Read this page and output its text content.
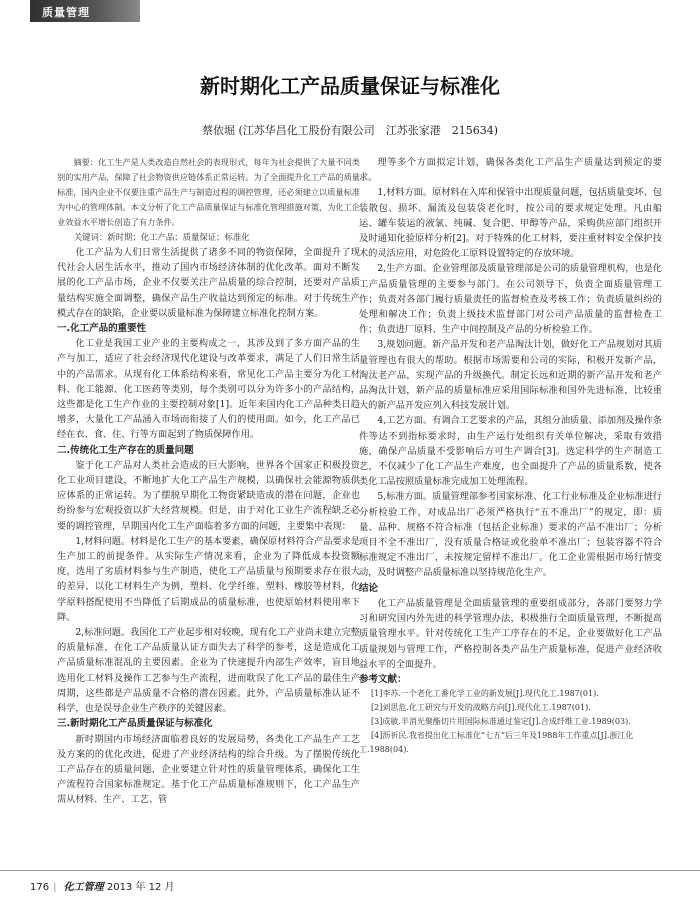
质量管理
新时期化工产品质量保证与标准化
蔡依堀 (江苏华昌化工股份有限公司　江苏张家港　215634)

摘要：化工生产是人类改造自然社会的表现形式，每年为社会提供了大量不同类别的实用产品，保障了社会物资供应链体系正常运转。为了全面提升化工产品的质量标准，国内企业不仅要注重产品生产与制造过程的调控管理，还必须建立以质量标准为中心的管理体制。本文分析了化工产品质量保证与标准化管理措施对策，为化工企业效益水平增长创造了有力条件。

关键词：新时期；化工产品；质量保证；标准化

化工产品为人们日常生活提供了诸多不同的物资保障，全面提升了现代社会人居生活水平，推动了国内市场经济体制的优化改革。面对不断发展的化工产品市场，企业不仅要关注产品质量的综合控制，还要对产品质量结构实施全面调整，确保产品生产收益达到预定的标准。对于传统生产模式存在的缺陷，企业要以质量标准为保障建立标准化控制方案。

一.化工产品的重要性

化工业是我国工业产业的主要构成之一，其涉及到了多方面产品的生产与加工，适应了社会经济现代化建设与改革要求，满足了人们日常生活中的产品需求。从现有化工体系结构来看，常见化工产品主要分为化工材料、化工能源、化工医药等类别，每个类别可以分为许多小的产品结构，这些都是化工生产作业的主要控制对象[1]。近年来国内化工产品种类日趋增多，大量化工产品涌入市场而衔接了人们的使用面。如今，化工产品已经在衣、食、住、行等方面起到了物质保障作用。

二.传统化工生产存在的质量问题

鉴于化工产品对人类社会造成的巨大影响，世界各个国家正积极投资化工业项目建设，不断地扩大化工产品生产规模，以确保社会能源物质供应体系的正常运转。为了摆脱早期化工物资紧缺造成的潜在问题，企业也纷纷参与宏观投资以扩大经营规模。但是，由于对化工业生产流程缺乏必要的调控管理，早期国内化工生产面临着多方面的问题，主要集中表现：

1,材料问题。材料是化工生产的基本要素，确保原材料符合产品要求是生产加工的前提条件。从实际生产情况来看，企业为了降低成本投资额度，选用了劣质材料参与生产制造，使化工产品质量与预期要求存在很大的差异，以化工材料生产为例，塑料、化学纤维、塑料、橡胶等材料，化学原料搭配使用不当降低了后期成品的质量标准，也使原始材料使用率下降。

2,标准问题。我国化工产业起步相对较晚，现有化工产业尚未建立完整的质量标准，在化工产品质量认证方面失去了科学的参考，这是造成化工产品质量标准混乱的主要因素。企业为了快速提升内部生产效率，盲目地选用化工材料及操作工艺参与生产流程，进而耽误了化工产品的最佳生产周期，这些都是产品质量不合格的潜在因素。此外，产品质量标准认证不科学，也是误导企业生产秩序的关键因素。

三.新时期化工产品质量保证与标准化

新时期国内市场经济面临着良好的发展局势，各类化工产品生产工艺及方案的的优化改进，促进了产业经济结构的综合升级。为了摆脱传统化工产品存在的质量问题，企业要建立针对性的质量管理体系，确保化工生产流程符合国家标准规定。基于化工产品质量标准规则下，化工产品生产需从材料、生产、工艺、管

理等多个方面拟定计划，确保各类化工产品生产质量达到预定的要求。

1,材料方面。原材料在入库和保管中出现质量问题，包括质量变坏、包装散包、损坏、漏流及包装袋老化时，按公司的要求规定处理。凡由船运、罐车装运的液氯、纯碱、复合肥、甲醇等产品，采购供应部门组织开及时通知化验原样分析[2]。对于特殊的化工材料，要注重材料安全保护技术的灵活应用，对危险化工原料设置特定的存放环境。

2,生产方面。企业管理部及质量管理部是公司的质量管理机构，也是化工产品质量管理的主要参与部门。在公司领导下，负责全面质量管理工作；负责对各部门履行质量责任的监督检查及考核工作；负责质量纠纷的处理和解决工作；负责上级技术监督部门对公司产品质量的监督检查工作；负责进厂原料、生产中间控制及产品的分析检验工作。

3,规划问题。新产品开发和老产品淘汰计划，做好化工产品规划对其质量管理也有很大的帮助。根据市场需要和公司的实际，积极开发新产品，淘汰老产品，实现产品的升级换代。制定长远和近期的新产品开发和老产品淘汰计划，新产品的质量标准应采用国际标准和国外先进标准，比较重大的新产品开发应列入科技发展计划。

4,工艺方面。有调合工艺要求的产品，其组分油质量、添加剂及操作条件等达不到指标要求时，由生产运行处组织有关单位解决，采取有效措施，确保产品质量不受影响后方可生产调合[3]。选定科学的生产制造工艺，不仅减少了化工产品生产难度，也全面提升了产品的质量系数，使各类化工品按照质量标准完成加工处理流程。

5,标准方面。质量管理部参考国家标准、化工行业标准及企业标准进行分析检验工作，对成品出厂必须严格执行“五不准出厂”的规定，即：质量、品种、规格不符合标准（包括企业标准）要求的产品不准出厂；分析项目不全不准出厂，没有质量合格证或化验单不准出厂；包装容器不符合标准规定不准出厂，未按规定留样不准出厂。化工企业需根据市场行情变动，及时调整产品质量标准以坚持规范化生产。

结论

化工产品质量管理是全面质量管理的重要组成部分，各部门要努力学习和研究国内外先进的科学管理办法，积极推行全面质量管理，不断提高质量管理水平。针对传统化工生产工序存在的不足，企业要做好化工产品质量规划与管理工作，严格控制各类产品生产质量标准，促进产业经济收益水平的全面提升。

参考文献：

[1]李苏.一个老化工番化学工业的新发展[J].现代化工.1987(01).
[2]刘思危.化工研究与开发的战略方向[J].现代化工.1987(01).
[3]成敏.半消光聚酯切片用国际标准通过鉴定[J].合成纤维工业.1989(03).
[4]沥祈民.我省提出化工标准化“七五”后三年及1988年工作重点[J].浙江化工.1988(04).
176 | 化工管理 2013 年 12 月
